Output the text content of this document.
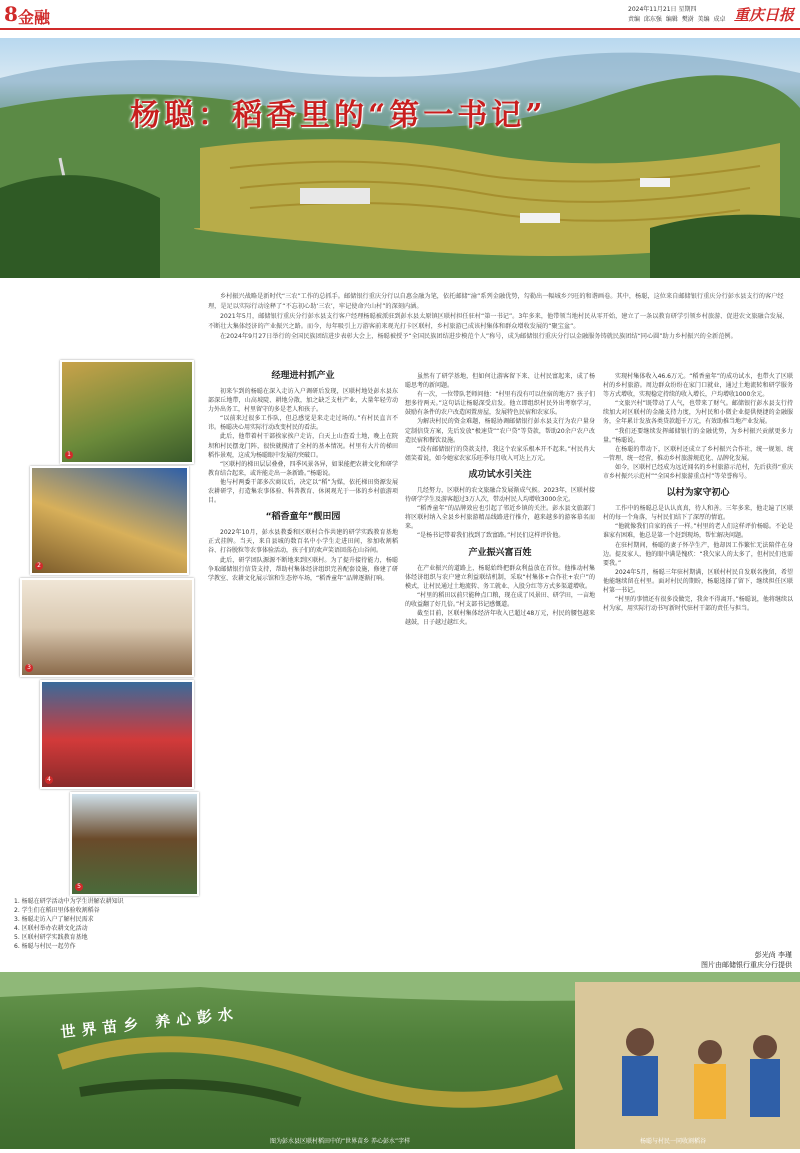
8 金融	2024年11月21日 星期四
责编 邱东强 编辑 樊澍 美编 成卓 重庆日报
杨聪：稻香里的“第一书记”
图为清水乡老鸭溪村“稻香里”

乡村振兴战略是新时代“三农”工作的总抓手。邮储银行重庆分行以自惠金融为笔，依托邮储“渝”系列金融优势，勾勒出一幅城乡兴旺的和谐画卷。其中，杨聪，这位来自邮储银行重庆分行彭水县支行的客户经理，是足以实际行动诠释了“不忘初心助‘三农’，牢记使命兴山村”的深刻内涵。

2021年5月，邮储银行重庆分行彭水县支行客户经理杨聪被派驻到彭水县太原镇区联村担任驻村“第一书记”。3年多来，他带领当地村民从零开始，建立了一条以教育研学引领乡村旅游、促进农文旅融合发展、不断壮大集体经济的产业振兴之路。而今，每年吸引上万游客前来观光打卡区联村，乡村旅游已成该村集体和群众增收发展的“聚宝盆”。

在2024年9月27日举行的全国民族团结进步表彰大会上，杨聪被授予“全国民族团结进步模范个人”称号，成为邮储银行重庆分行以金融服务铸就民族团结“同心圆”助力乡村振兴的全新范例。

1
2
3
4
5
1. 杨聪在研学活动中为学生讲解农耕知识
2. 学生们在稻田里体验收割稻谷
3. 杨聪走访入户了解村民需求
4. 区联村举办农耕文化活动
5. 区联村研学实践教育基地
6. 杨聪与村民一起劳作
经理进村抓产业

初来乍到的杨聪在深入走访入户调研后发现，区联村地处彭水县东部深丘地带，山高坡陡、耕地分散，加之缺乏支柱产业，大量年轻劳动力外出务工，村里留守的多是老人和孩子。

“以前来过很多工作队，但总感觉是来走走过场的。”有村民直言不讳。杨聪决心用实际行动改变村民的看法。

此后，他带着村干部挨家挨户走访，白天上山查看土地，晚上在院坝和村民摆龙门阵，很快就摸清了全村的基本情况。村里有大片的梯田稻作景观，这成为杨聪眼中发展的突破口。

“区联村的梯田层层叠叠，四季风景各异，如果能把农耕文化和研学教育结合起来，或许能走出一条新路。”杨聪说。

他与村两委干部多次商议后，决定以“稻”为媒，依托梯田资源发展农耕研学，打造集农事体验、科普教育、休闲观光于一体的乡村旅游项目。

“稻香童年”靓田园

2022年10月，彭水县教委和区联村合作共建的研学实践教育基地正式挂牌。当天，来自县城的数百名中小学生走进田间，参加收割稻谷、打谷脱粒等农事体验活动，孩子们的欢声笑语回荡在山谷间。

此后，研学团队源源不断地来到区联村。为了提升接待能力，杨聪争取邮储银行信贷支持，帮助村集体经济组织完善配套设施，修建了研学教室、农耕文化展示馆和生态停车场，“稻香童年”品牌逐渐打响。

虽然有了研学基地，但如何让游客留下来、让村民富起来，成了杨聪思考的新问题。

有一次，一位带队老师问他：“村里有没有可以住宿的地方？孩子们想多待两天。”这句话让杨聪深受启发。他立即组织村民外出考察学习，鼓励有条件的农户改造闲置房屋，发展特色民宿和农家乐。

为解决村民的资金难题，杨聪协调邮储银行彭水县支行为农户量身定制信贷方案，先后发放“极速贷”“农户贷”等贷款，帮助20余户农户改造民宿和餐饮设施。

“没有邮储银行的贷款支持，我这个农家乐根本开不起来。”村民冉大姐笑着说，如今她家农家乐旺季每月收入可达上万元。

成功试水引关注

几经努力，区联村的农文旅融合发展渐成气候。2023年，区联村接待研学学生及游客超过3万人次，带动村民人均增收3000余元。

“稻香童年”的品牌效应也引起了邻近乡镇的关注。彭水县文旅部门将区联村纳入全县乡村旅游精品线路进行推介，越来越多的游客慕名而来。

“是杨书记带着我们找到了致富路。”村民们这样评价他。

产业振兴富百姓

在产业振兴的道路上，杨聪始终把群众利益放在首位。他推动村集体经济组织与农户建立利益联结机制，采取“村集体+合作社+农户”的模式，让村民通过土地流转、务工就业、入股分红等方式多渠道增收。

“村里的稻田以前只能种点口粮，现在成了风景田、研学田，一亩地的收益翻了好几倍。”村支部书记感慨道。

截至目前，区联村集体经济年收入已超过48万元，村民的腰包越来越鼓，日子越过越红火。

实现村集体收入46.6万元。“稻香童年”的成功试水，也带火了区联村的乡村旅游。周边群众纷纷在家门口就业，通过土地流转和研学服务等方式增收，实现稳定持续的收入增长，户均增收1000余元。

“文旅兴村”既带动了人气，也带来了财气。邮储银行彭水县支行持续加大对区联村的金融支持力度，为村民和小微企业提供便捷的金融服务，全年累计发放各类贷款超千万元，有效助推当地产业发展。

“我们还要继续发挥邮储银行的金融优势，为乡村振兴贡献更多力量。”杨聪说。

在杨聪的带动下，区联村还成立了乡村振兴合作社，统一规划、统一管理、统一经营，推动乡村旅游规范化、品牌化发展。

如今，区联村已经成为远近闻名的乡村旅游示范村，先后获得“重庆市乡村振兴示范村”“全国乡村旅游重点村”等荣誉称号。

以村为家守初心

工作中的杨聪总是认认真真，待人和善。三年多来，他走遍了区联村的每一个角落，与村民们结下了深厚的情谊。

“他就像我们自家的孩子一样。”村里的老人们这样评价杨聪。不论是谁家有困难，他总是第一个赶到现场，帮忙解决问题。

在驻村期间，杨聪的妻子怀孕生产，他却因工作繁忙无法陪伴在身边。提及家人，他的眼中满是愧疚：“我欠家人的太多了，但村民们也需要我。”

2024年5月，杨聪三年驻村期满，区联村村民自发联名挽留，希望他能继续留在村里。面对村民的期盼，杨聪选择了留下，继续担任区联村第一书记。

“村里的事情还有很多没做完，我舍不得离开。”杨聪说，他将继续以村为家，用实际行动书写新时代驻村干部的责任与担当。

彭光尚 李瑾
图片由邮储银行重庆分行提供
世界苗乡 养心彭水
图为彭水县区联村稻田中的“世界苗乡 养心彭水”字样	杨聪与村民一同收割稻谷
